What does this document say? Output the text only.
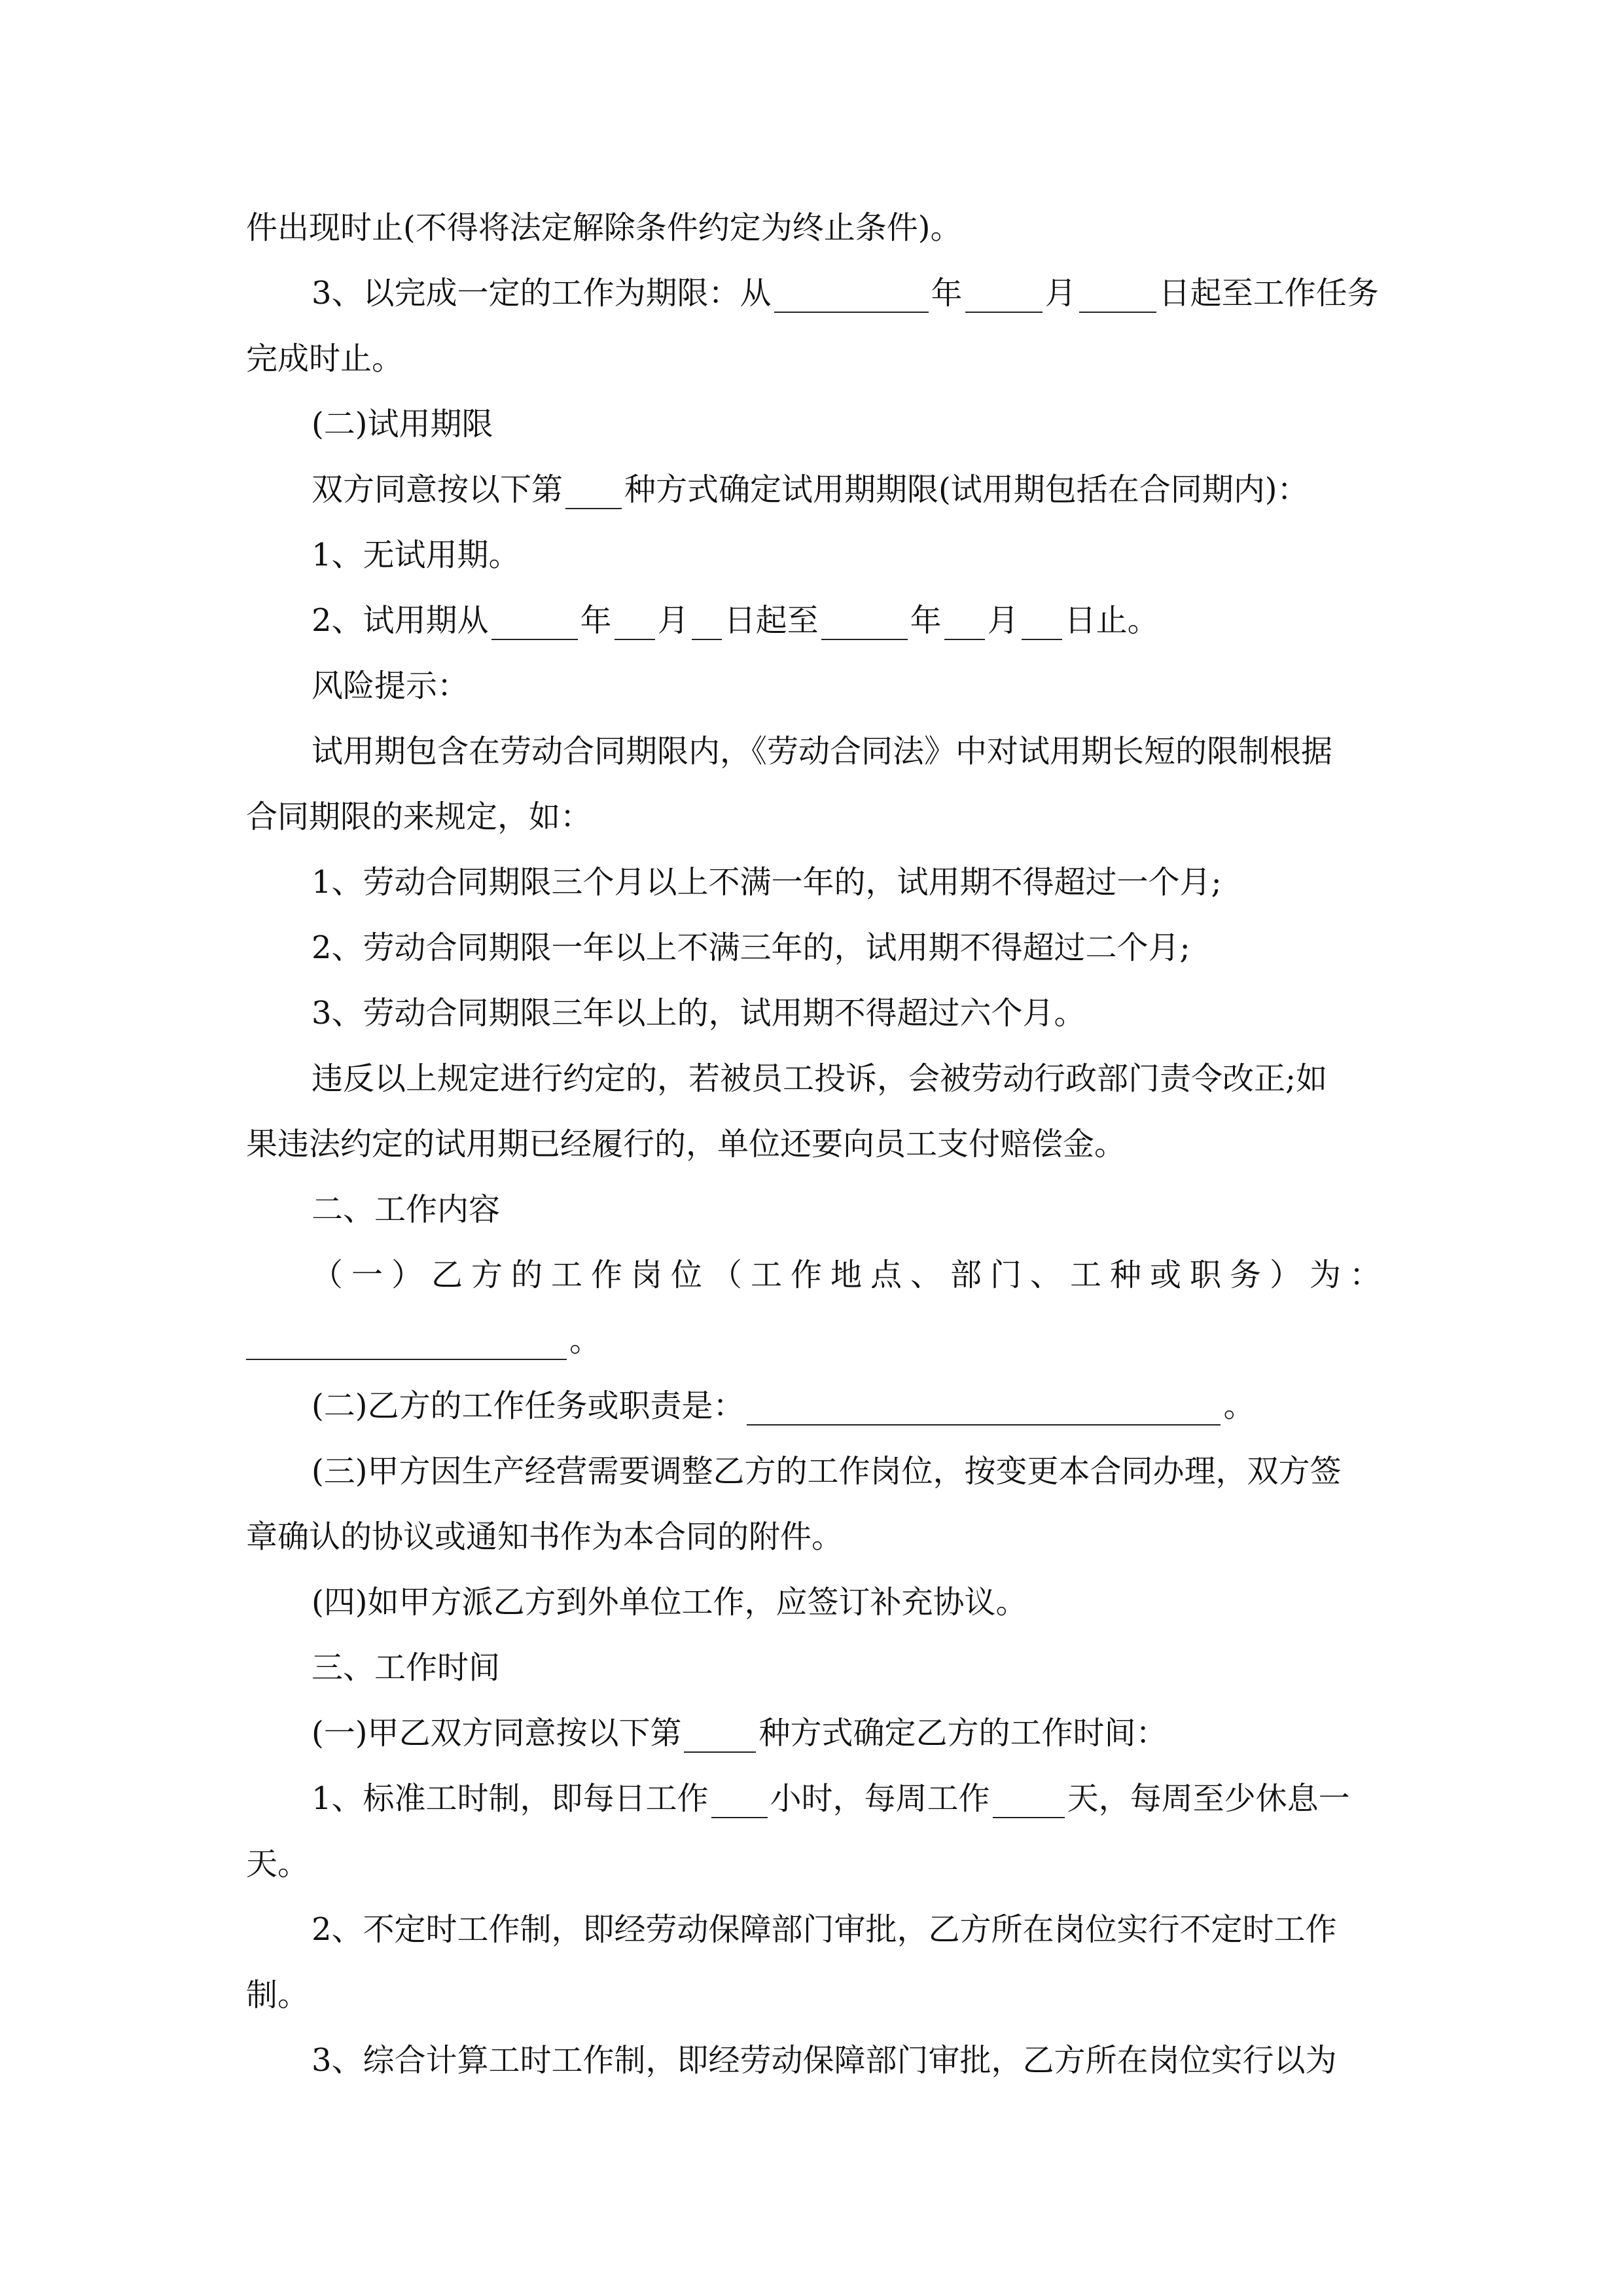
件出现时止(不得将法定解除条件约定为终止条件)。
3、以完成一定的工作为期限：从	年	月	日起至工作任务
完成时止。
(二)试用期限
双方同意按以下第 种方式确定试用期期限(试用期包括在合同期内)：
1、无试用期。
2、试用期从	年 月 日起至	年 月 日止。
风险提示：
试用期包含在劳动合同期限内，《劳动合同法》中对试用期长短的限制根据
合同期限的来规定，如：
1、劳动合同期限三个月以上不满一年的，试用期不得超过一个月;
2、劳动合同期限一年以上不满三年的，试用期不得超过二个月;
3、劳动合同期限三年以上的，试用期不得超过六个月。
违反以上规定进行约定的，若被员工投诉，会被劳动行政部门责令改正;如
果违法约定的试用期已经履行的，单位还要向员工支付赔偿金。
二、工作内容
（一）乙方的工作岗位（工作地点、部门、工种或职务）为：
。
(二)乙方的工作任务或职责是：	。
(三)甲方因生产经营需要调整乙方的工作岗位，按变更本合同办理，双方签
章确认的协议或通知书作为本合同的附件。
(四)如甲方派乙方到外单位工作，应签订补充协议。
三、工作时间
(一)甲乙双方同意按以下第 种方式确定乙方的工作时间：
1、标准工时制，即每日工作 小时，每周工作 天，每周至少休息一
天。
2、不定时工作制，即经劳动保障部门审批，乙方所在岗位实行不定时工作
制。
3、综合计算工时工作制，即经劳动保障部门审批，乙方所在岗位实行以为
